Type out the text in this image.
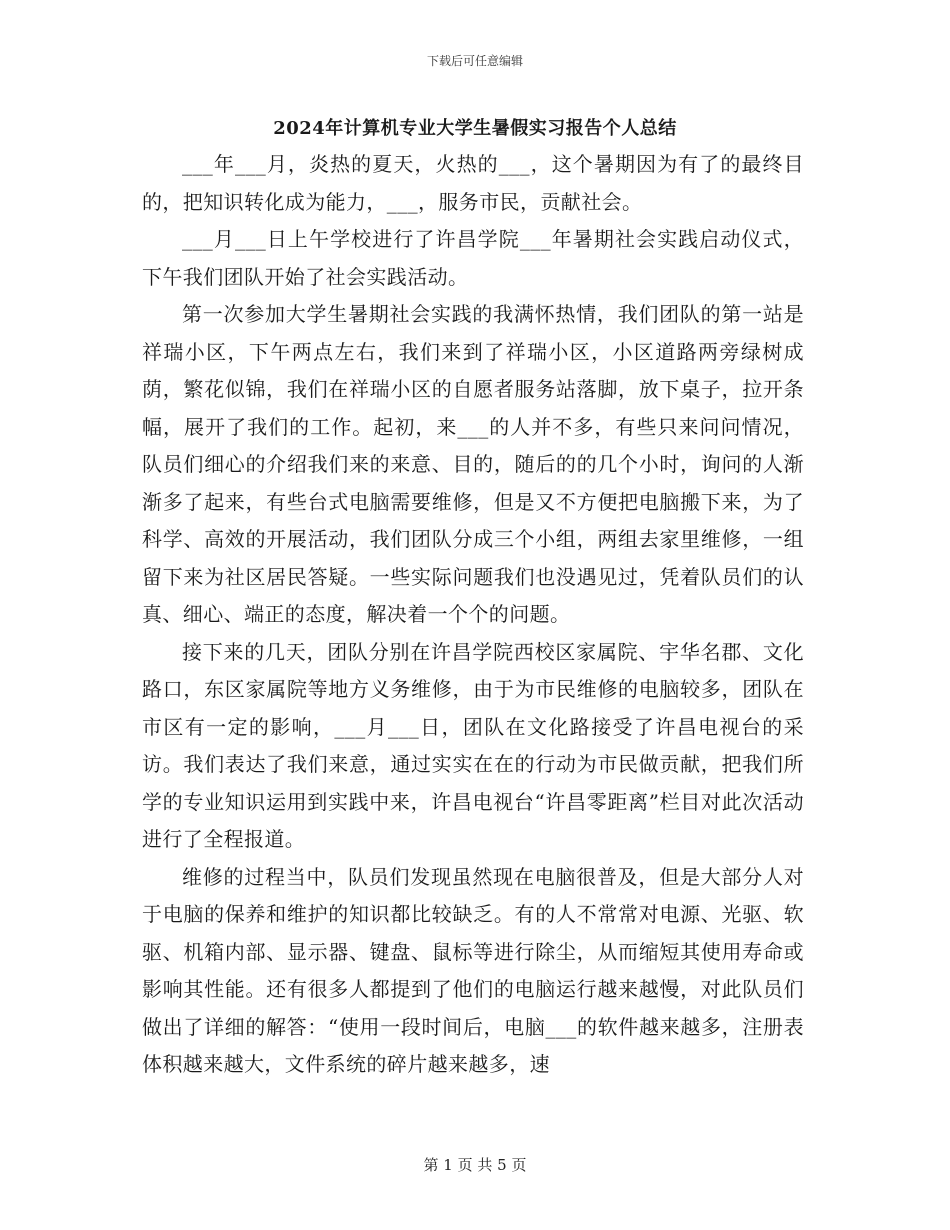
下载后可任意编辑
2024年计算机专业大学生暑假实习报告个人总结

___年___月，炎热的夏天，火热的___，这个暑期因为有了的最终目的，把知识转化成为能力，___，服务市民，贡献社会。

___月___日上午学校进行了许昌学院___年暑期社会实践启动仪式，下午我们团队开始了社会实践活动。

第一次参加大学生暑期社会实践的我满怀热情，我们团队的第一站是祥瑞小区，下午两点左右，我们来到了祥瑞小区，小区道路两旁绿树成荫，繁花似锦，我们在祥瑞小区的自愿者服务站落脚，放下桌子，拉开条幅，展开了我们的工作。起初，来___的人并不多，有些只来问问情况，队员们细心的介绍我们来的来意、目的，随后的的几个小时，询问的人渐渐多了起来，有些台式电脑需要维修，但是又不方便把电脑搬下来，为了科学、高效的开展活动，我们团队分成三个小组，两组去家里维修，一组留下来为社区居民答疑。一些实际问题我们也没遇见过，凭着队员们的认真、细心、端正的态度，解决着一个个的问题。

接下来的几天，团队分别在许昌学院西校区家属院、宇华名郡、文化路口，东区家属院等地方义务维修，由于为市民维修的电脑较多，团队在市区有一定的影响，___月___日，团队在文化路接受了许昌电视台的采访。我们表达了我们来意，通过实实在在的行动为市民做贡献，把我们所学的专业知识运用到实践中来，许昌电视台“许昌零距离”栏目对此次活动进行了全程报道。

维修的过程当中，队员们发现虽然现在电脑很普及，但是大部分人对于电脑的保养和维护的知识都比较缺乏。有的人不常常对电源、光驱、软驱、机箱内部、显示器、键盘、鼠标等进行除尘，从而缩短其使用寿命或影响其性能。还有很多人都提到了他们的电脑运行越来越慢，对此队员们做出了详细的解答：“使用一段时间后，电脑___的软件越来越多，注册表体积越来越大，文件系统的碎片越来越多，速

第 1 页 共 5 页
